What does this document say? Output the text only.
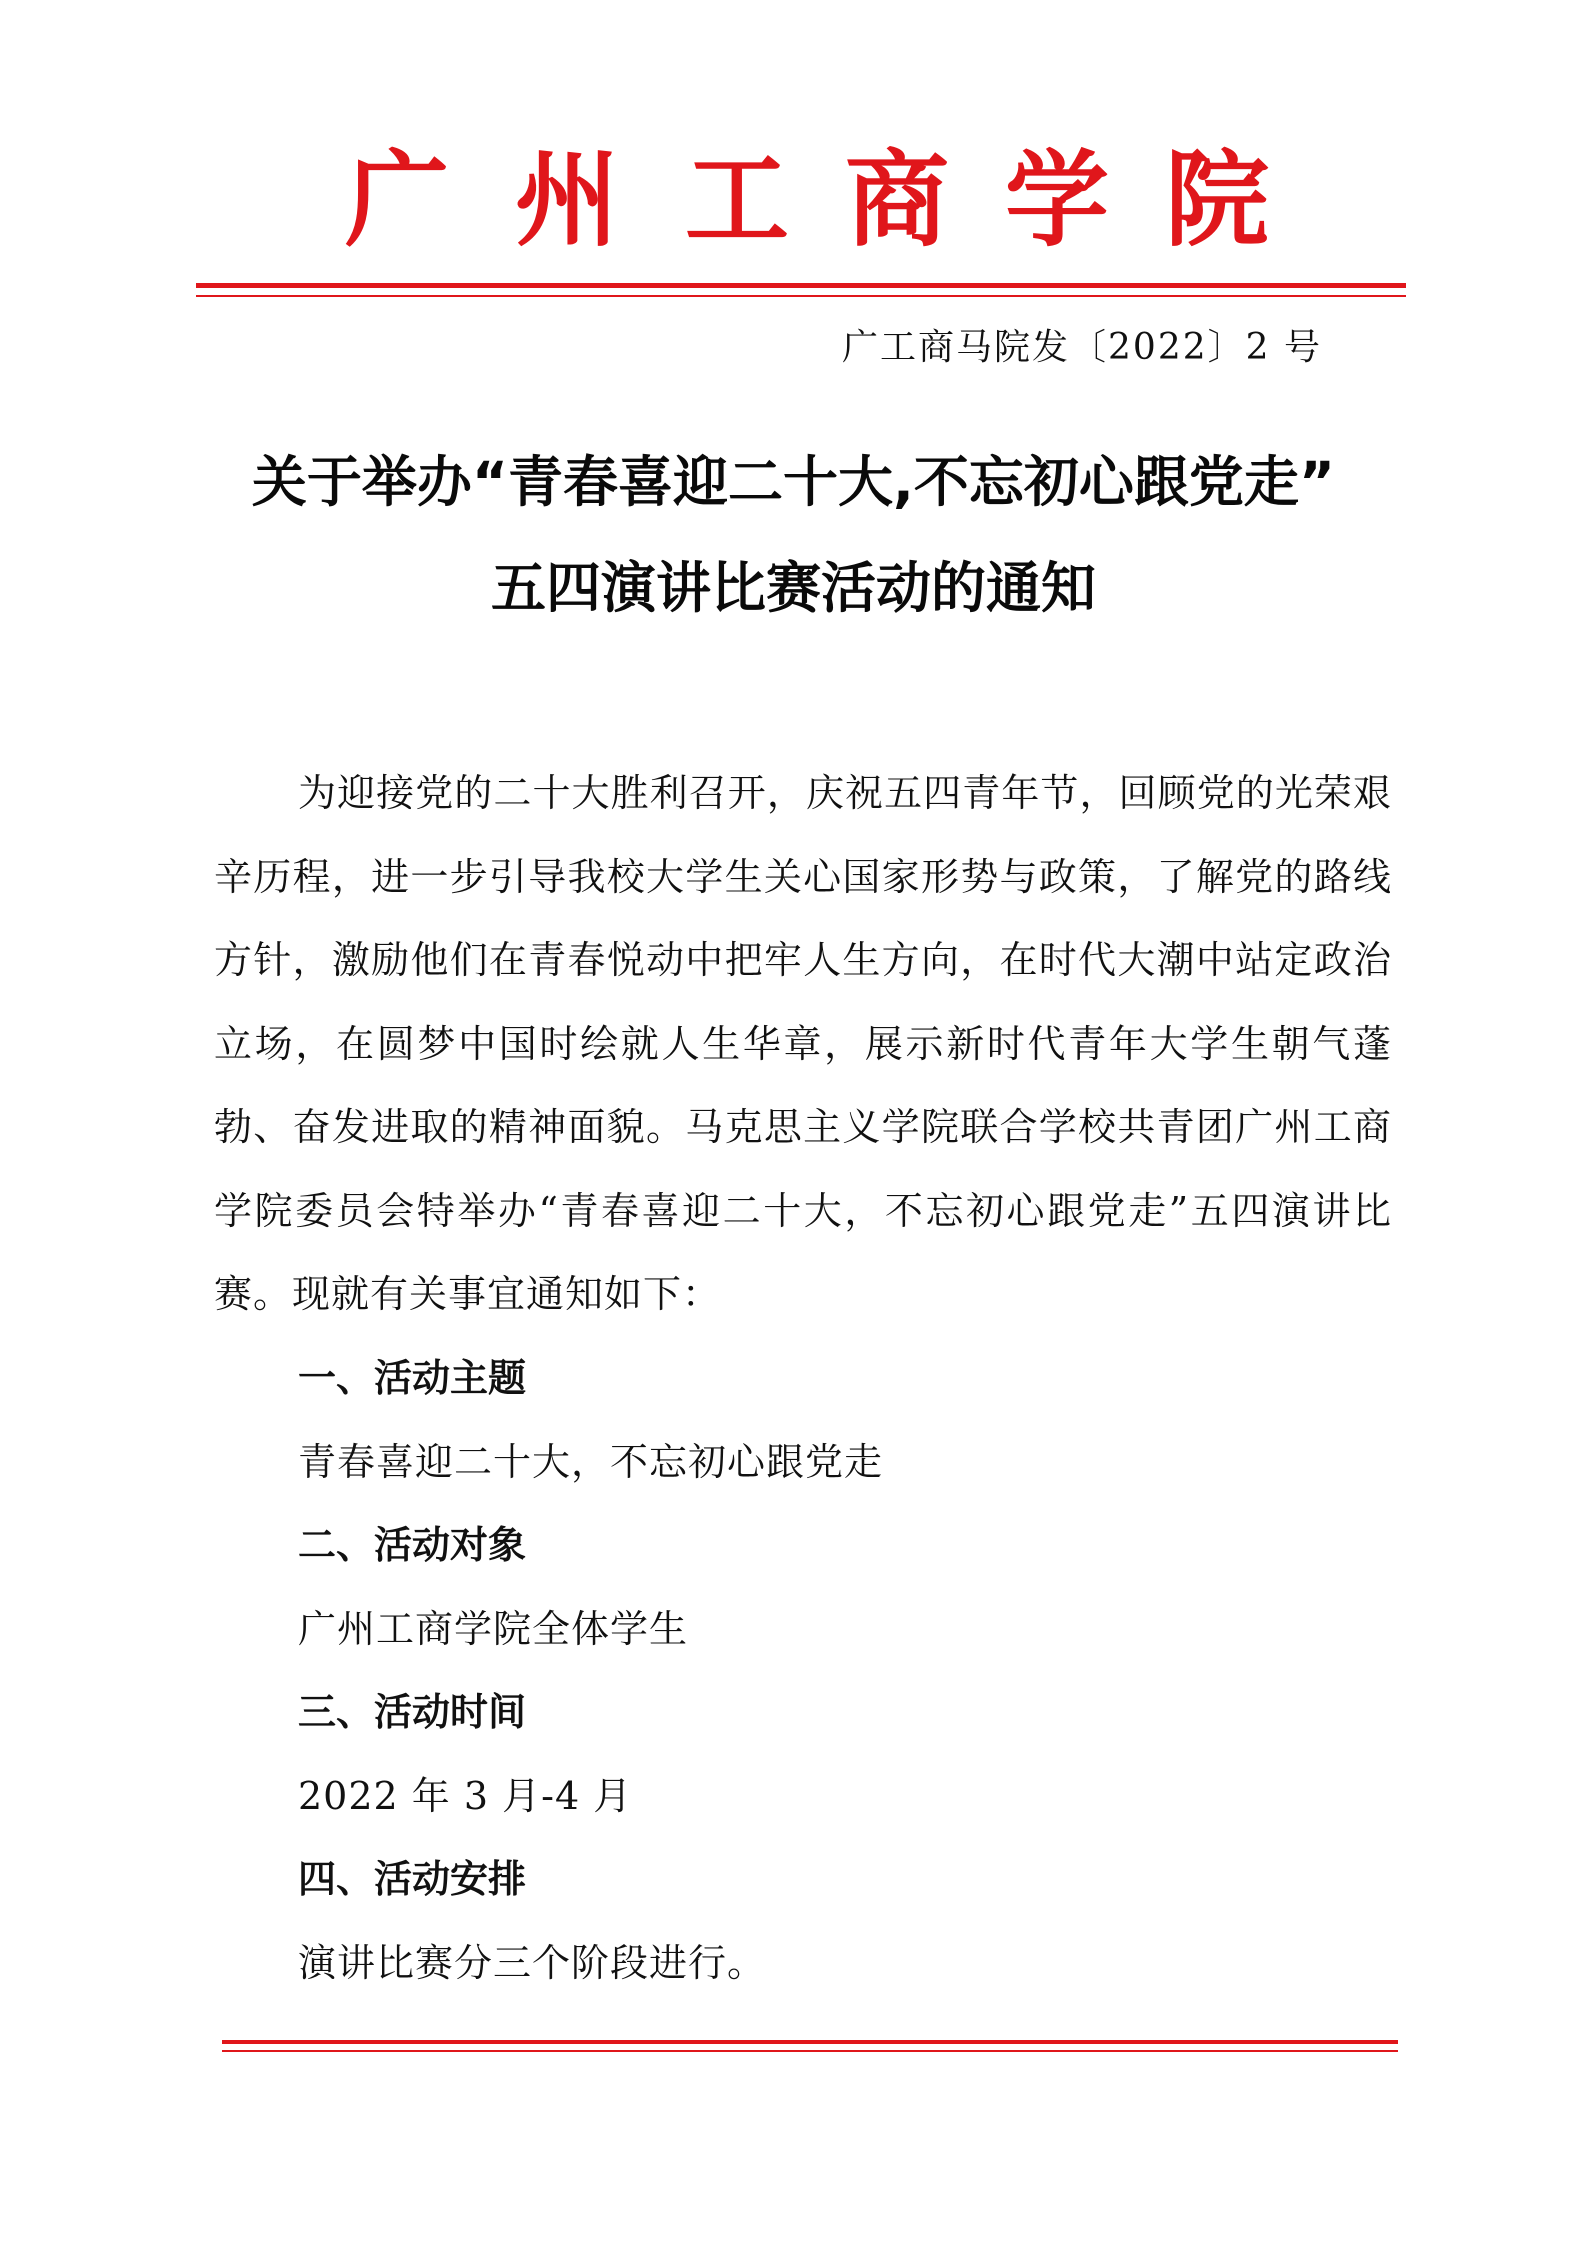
广 州 工 商 学 院
广工商马院发〔2022〕2 号
关于举办“青春喜迎二十大,不忘初心跟党走”
五四演讲比赛活动的通知

为迎接党的二十大胜利召开，庆祝五四青年节，回顾党的光荣艰辛历程，进一步引导我校大学生关心国家形势与政策，了解党的路线方针，激励他们在青春悦动中把牢人生方向，在时代大潮中站定政治立场，在圆梦中国时绘就人生华章，展示新时代青年大学生朝气蓬勃、奋发进取的精神面貌。马克思主义学院联合学校共青团广州工商学院委员会特举办“青春喜迎二十大，不忘初心跟党走”五四演讲比赛。现就有关事宜通知如下：

一、活动主题
青春喜迎二十大，不忘初心跟党走
二、活动对象
广州工商学院全体学生
三、活动时间
2022 年 3 月-4 月
四、活动安排
演讲比赛分三个阶段进行。
